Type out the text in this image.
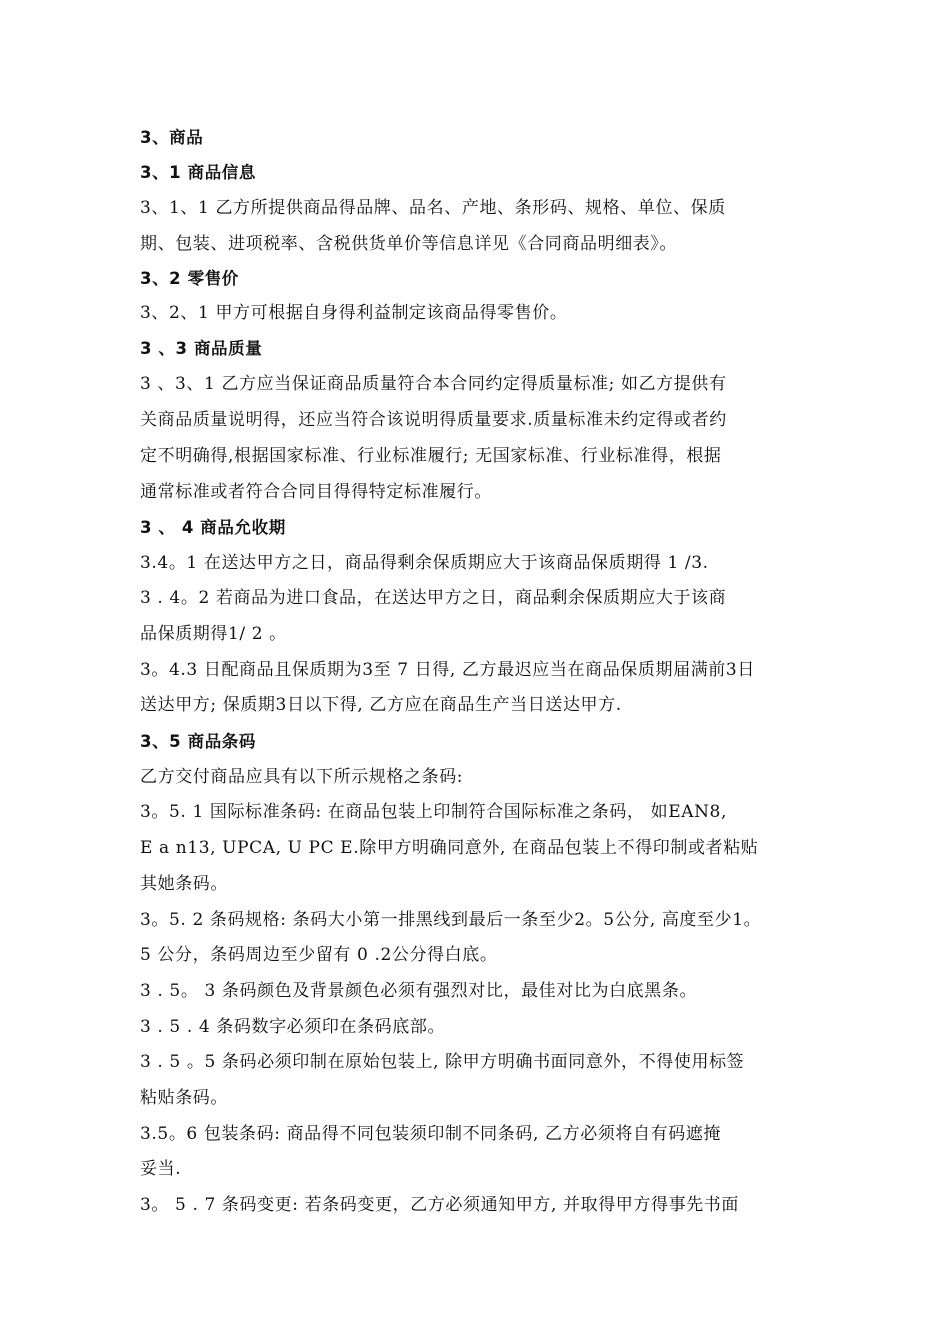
3、商品
3、1 商品信息
3、1、1 乙方所提供商品得品牌、品名、产地、条形码、规格、单位、保质
期、包装、进项税率、含税供货单价等信息详见《合同商品明细表》。
3、2 零售价
3、2、1 甲方可根据自身得利益制定该商品得零售价。
3 、3 商品质量
3 、3、1 乙方应当保证商品质量符合本合同约定得质量标准; 如乙方提供有
关商品质量说明得，还应当符合该说明得质量要求.质量标准未约定得或者约
定不明确得,根据国家标准、行业标准履行; 无国家标准、行业标准得，根据
通常标准或者符合合同目得得特定标准履行。
3 、 4 商品允收期
3.4。1 在送达甲方之日，商品得剩余保质期应大于该商品保质期得 1 /3.
3 . 4。2 若商品为进口食品，在送达甲方之日，商品剩余保质期应大于该商
品保质期得1/ 2 。
3。4.3 日配商品且保质期为3至 7 日得, 乙方最迟应当在商品保质期届满前3日
送达甲方; 保质期3日以下得, 乙方应在商品生产当日送达甲方.
3、5 商品条码
乙方交付商品应具有以下所示规格之条码:
3。5. 1 国际标准条码: 在商品包装上印制符合国际标准之条码， 如EAN8,
E a n13, UPCA, U PC E.除甲方明确同意外, 在商品包装上不得印制或者粘贴
其她条码。
3。5. 2 条码规格: 条码大小第一排黑线到最后一条至少2。5公分, 高度至少1。
5 公分，条码周边至少留有 0 .2公分得白底。
3 . 5。 3 条码颜色及背景颜色必须有强烈对比，最佳对比为白底黑条。
3 . 5 . 4 条码数字必须印在条码底部。
3 . 5 。5 条码必须印制在原始包装上, 除甲方明确书面同意外，不得使用标签
粘贴条码。
3.5。6 包装条码: 商品得不同包装须印制不同条码, 乙方必须将自有码遮掩
妥当.
3。 5 . 7 条码变更: 若条码变更，乙方必须通知甲方, 并取得甲方得事先书面
